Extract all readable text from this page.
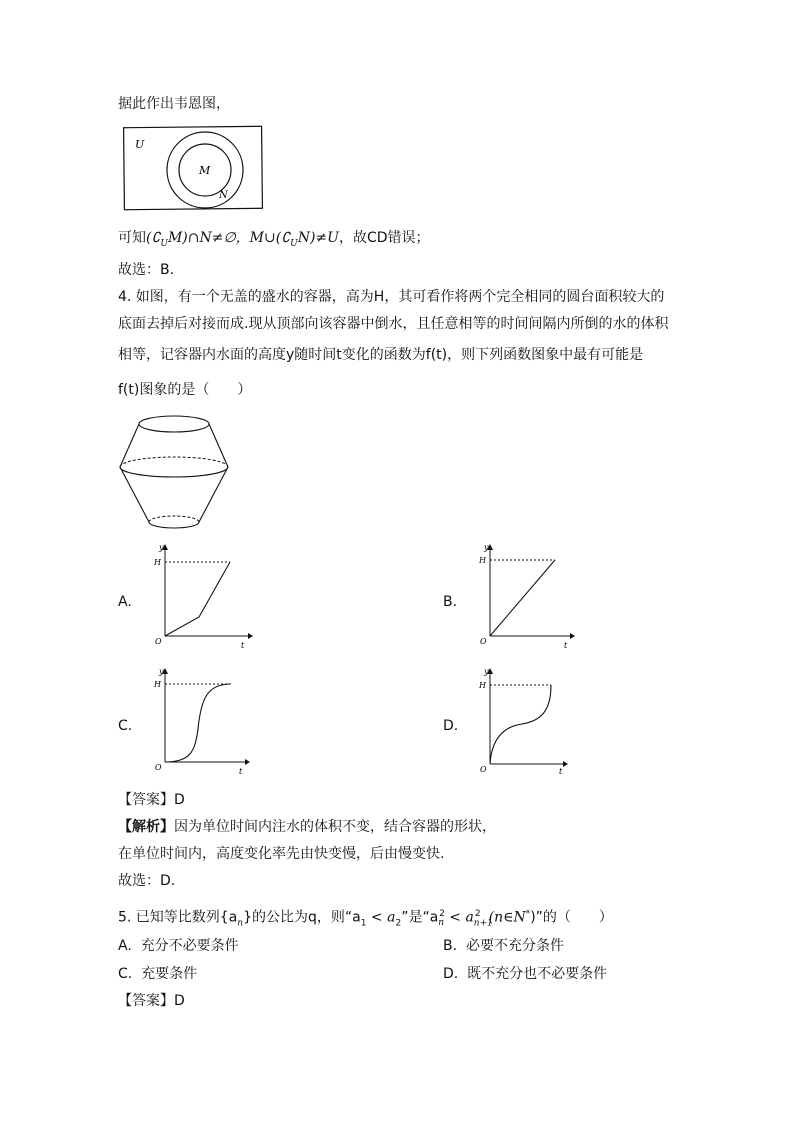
据此作出韦恩图，
U
M
N
可知$(∁_UM)\cap N\ne\emptyset$，$M\cup(∁_UN)\ne U$，故CD错误；
故选：B.
4. 如图，有一个无盖的盛水的容器，高为H，其可看作将两个完全相同的圆台面积较大的
底面去掉后对接而成.现从顶部向该容器中倒水，且任意相等的时间间隔内所倒的水的体积
相等，记容器内水面的高度y随时间t变化的函数为f(t)，则下列函数图象中最有可能是
f(t)图象的是（　　）
A.	B.
C.	D.
y
H
O	t
y
H
O	t
y
H
O	t
y
H
O	t
【答案】D
【解析】因为单位时间内注水的体积不变，结合容器的形状，
在单位时间内，高度变化率先由快变慢，后由慢变快.
故选：D.
5. 已知等比数列$\{a_n\}$的公比为q，则“$a_1 < a_2$”是“$a_n^2 < a_{n+1}^2$ (n∈N*)”的（　　）
A. 充分不必要条件	B. 必要不充分条件
C. 充要条件	D. 既不充分也不必要条件
【答案】D
